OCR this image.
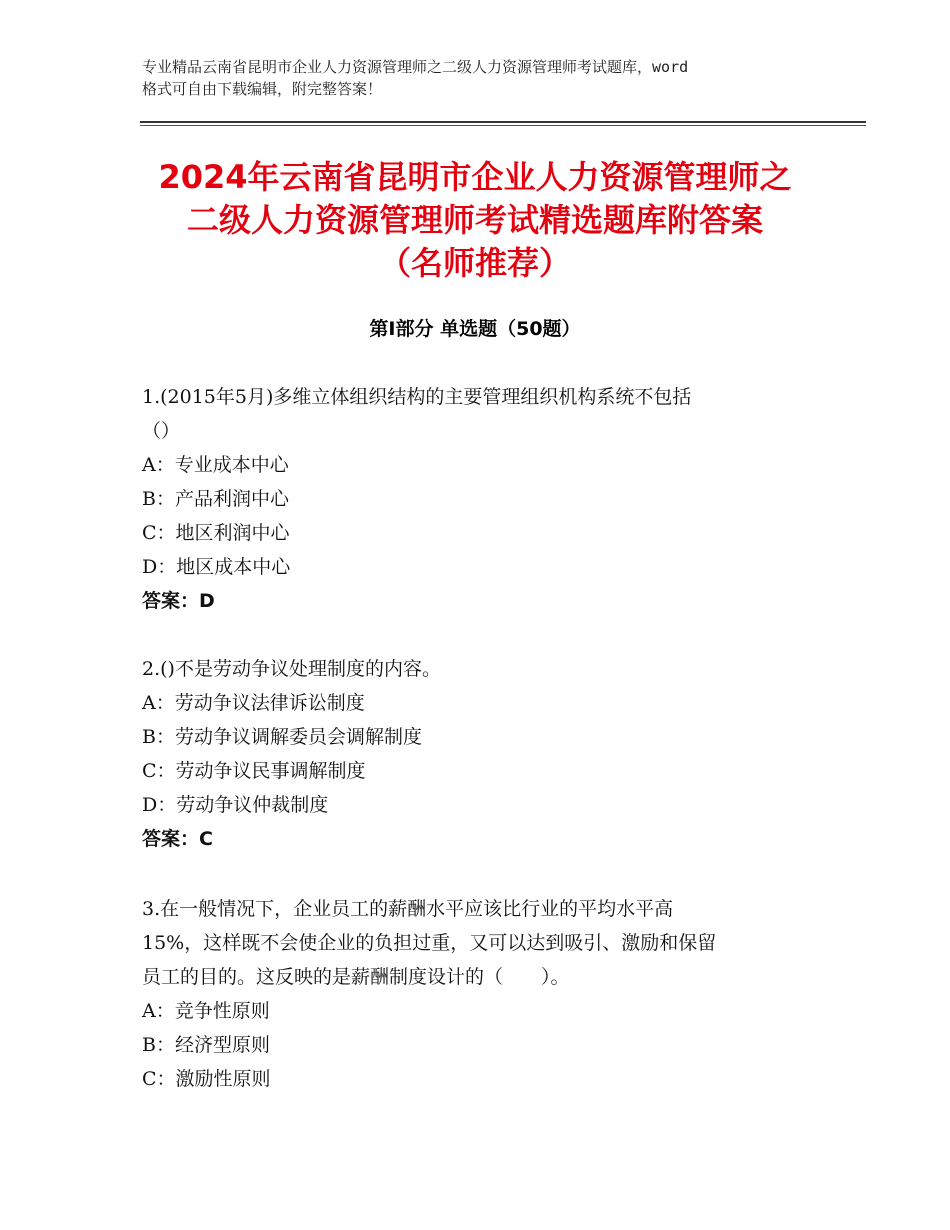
专业精品云南省昆明市企业人力资源管理师之二级人力资源管理师考试题库，word
格式可自由下载编辑，附完整答案！
2024年云南省昆明市企业人力资源管理师之
二级人力资源管理师考试精选题库附答案
（名师推荐）
第Ⅰ部分 单选题（50题）
1.(2015年5月)多维立体组织结构的主要管理组织机构系统不包括
（）
A：专业成本中心
B：产品利润中心
C：地区利润中心
D：地区成本中心
答案：D
2.()不是劳动争议处理制度的内容。
A：劳动争议法律诉讼制度
B：劳动争议调解委员会调解制度
C：劳动争议民事调解制度
D：劳动争议仲裁制度
答案：C
3.在一般情况下，企业员工的薪酬水平应该比行业的平均水平高
15%，这样既不会使企业的负担过重，又可以达到吸引、激励和保留
员工的目的。这反映的是薪酬制度设计的（　　）。
A：竞争性原则
B：经济型原则
C：激励性原则
